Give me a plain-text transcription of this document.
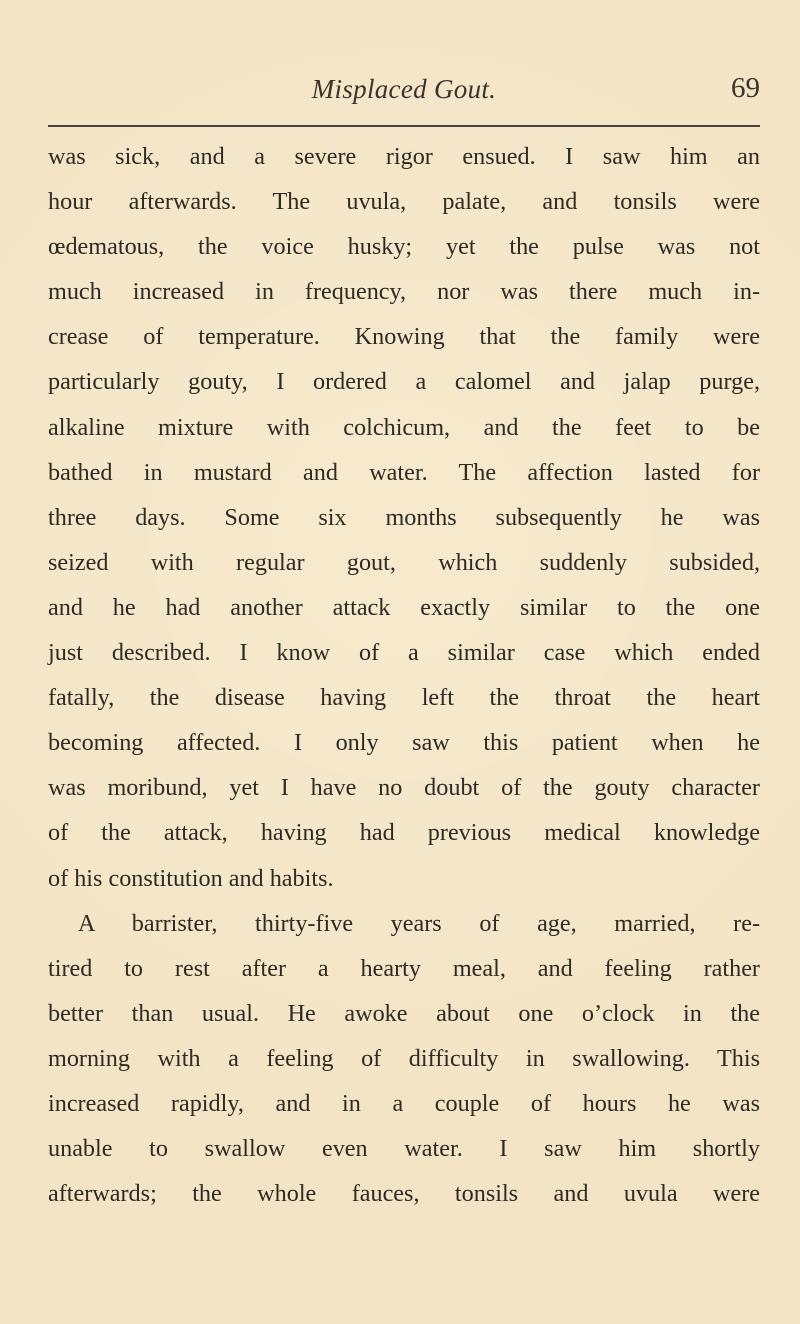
Misplaced Gout.	69
was sick, and a severe rigor ensued. I saw him an
hour afterwards. The uvula, palate, and tonsils were
œdematous, the voice husky; yet the pulse was not
much increased in frequency, nor was there much in-
crease of temperature. Knowing that the family were
particularly gouty, I ordered a calomel and jalap purge,
alkaline mixture with colchicum, and the feet to be
bathed in mustard and water. The affection lasted for
three days. Some six months subsequently he was
seized with regular gout, which suddenly subsided,
and he had another attack exactly similar to the one
just described. I know of a similar case which ended
fatally, the disease having left the throat the heart
becoming affected. I only saw this patient when he
was moribund, yet I have no doubt of the gouty character
of the attack, having had previous medical knowledge
of his constitution and habits.
A barrister, thirty-five years of age, married, re-
tired to rest after a hearty meal, and feeling rather
better than usual. He awoke about one o’clock in the
morning with a feeling of difficulty in swallowing. This
increased rapidly, and in a couple of hours he was
unable to swallow even water. I saw him shortly
afterwards; the whole fauces, tonsils and uvula were
